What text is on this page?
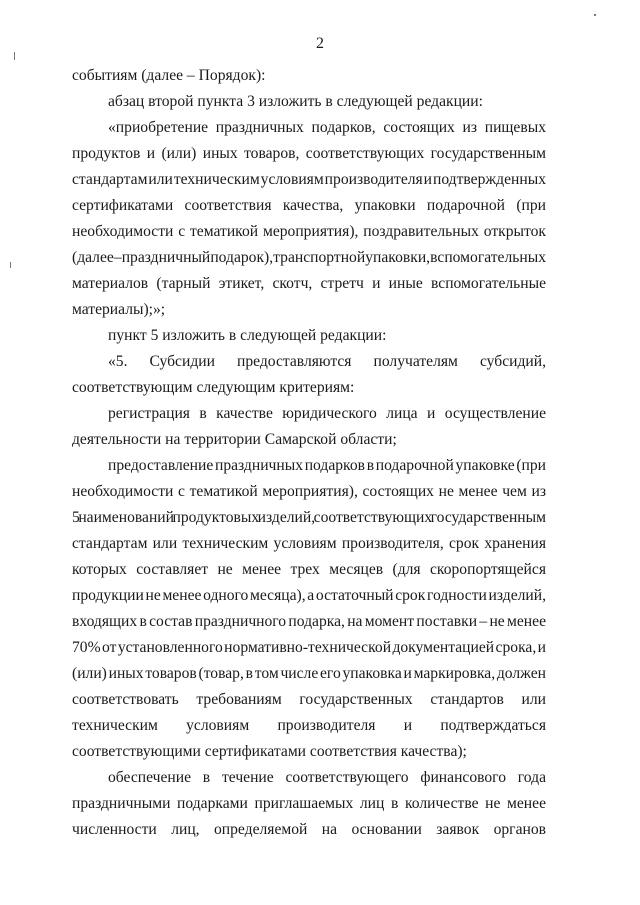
2
событиям (далее – Порядок):
абзац второй пункта 3 изложить в следующей редакции:
«приобретение праздничных подарков, состоящих из пищевых
продуктов и (или) иных товаров, соответствующих государственным
стандартам или техническим условиям производителя и подтвержденных
сертификатами соответствия качества, упаковки подарочной (при
необходимости с тематикой мероприятия), поздравительных открыток
(далее – праздничный подарок), транспортной упаковки, вспомогательных
материалов (тарный этикет, скотч, стретч и иные вспомогательные
материалы);»;
пункт 5 изложить в следующей редакции:
«5. Субсидии предоставляются получателям субсидий,
соответствующим следующим критериям:
регистрация в качестве юридического лица и осуществление
деятельности на территории Самарской области;
предоставление праздничных подарков в подарочной упаковке (при
необходимости с тематикой мероприятия), состоящих не менее чем из
5 наименований продуктовых изделий, соответствующих государственным
стандартам или техническим условиям производителя, срок хранения
которых составляет не менее трех месяцев (для скоропортящейся
продукции не менее одного месяца), а остаточный срок годности изделий,
входящих в состав праздничного подарка, на момент поставки – не менее
70% от установленного нормативно-технической документацией срока, и
(или) иных товаров (товар, в том числе его упаковка и маркировка, должен
соответствовать требованиям государственных стандартов или
техническим условиям производителя и подтверждаться
соответствующими сертификатами соответствия качества);
обеспечение в течение соответствующего финансового года
праздничными подарками приглашаемых лиц в количестве не менее
численности лиц, определяемой на основании заявок органов
